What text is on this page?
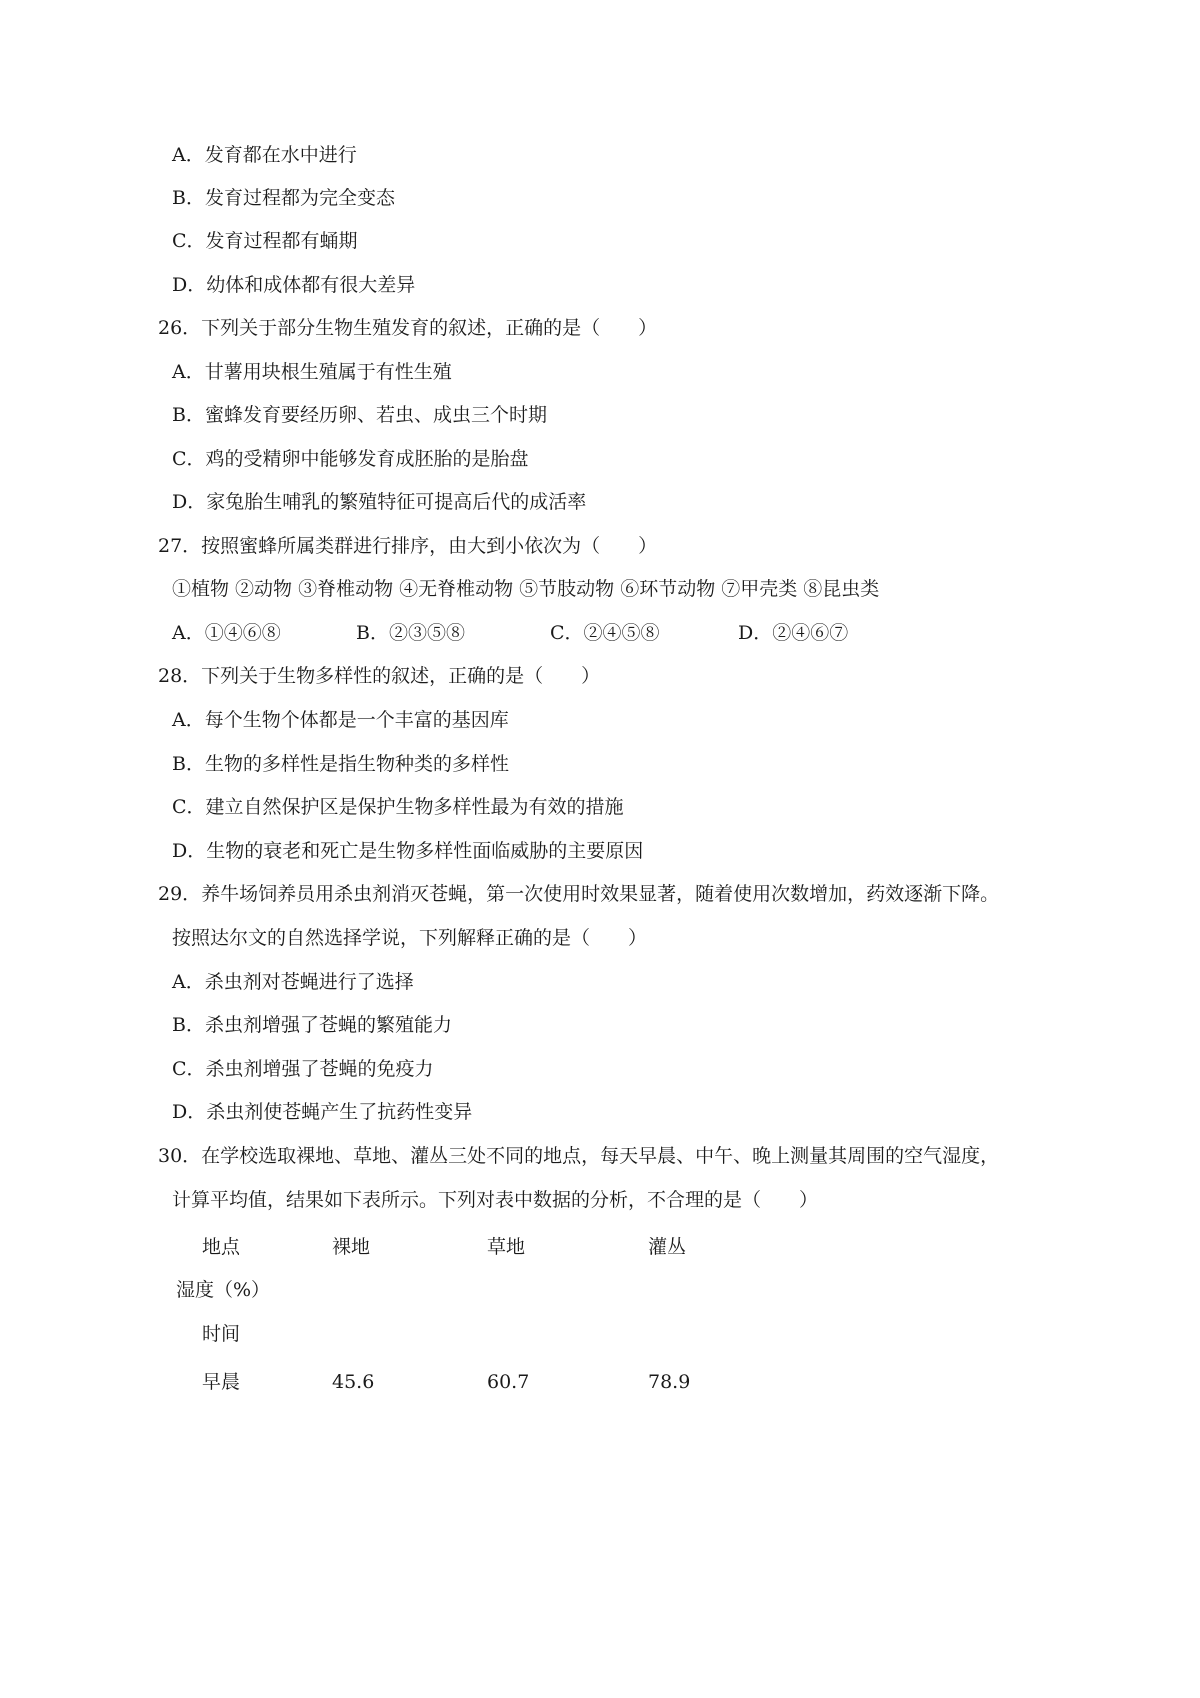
A．发育都在水中进行
B．发育过程都为完全变态
C．发育过程都有蛹期
D．幼体和成体都有很大差异
26．下列关于部分生物生殖发育的叙述，正确的是（　　）
A．甘薯用块根生殖属于有性生殖
B．蜜蜂发育要经历卵、若虫、成虫三个时期
C．鸡的受精卵中能够发育成胚胎的是胎盘
D．家兔胎生哺乳的繁殖特征可提高后代的成活率
27．按照蜜蜂所属类群进行排序，由大到小依次为（　　）
①植物 ②动物 ③脊椎动物 ④无脊椎动物 ⑤节肢动物 ⑥环节动物 ⑦甲壳类 ⑧昆虫类
A．①④⑥⑧	B．②③⑤⑧	C．②④⑤⑧	D．②④⑥⑦
28．下列关于生物多样性的叙述，正确的是（　　）
A．每个生物个体都是一个丰富的基因库
B．生物的多样性是指生物种类的多样性
C．建立自然保护区是保护生物多样性最为有效的措施
D．生物的衰老和死亡是生物多样性面临威胁的主要原因
29．养牛场饲养员用杀虫剂消灭苍蝇，第一次使用时效果显著，随着使用次数增加，药效逐渐下降。
按照达尔文的自然选择学说，下列解释正确的是（　　）
A．杀虫剂对苍蝇进行了选择
B．杀虫剂增强了苍蝇的繁殖能力
C．杀虫剂增强了苍蝇的免疫力
D．杀虫剂使苍蝇产生了抗药性变异
30．在学校选取裸地、草地、灌丛三处不同的地点，每天早晨、中午、晚上测量其周围的空气湿度，
计算平均值，结果如下表所示。下列对表中数据的分析，不合理的是（　　）
地点	裸地	草地	灌丛
湿度（%）
时间
早晨	45.6	60.7	78.9
